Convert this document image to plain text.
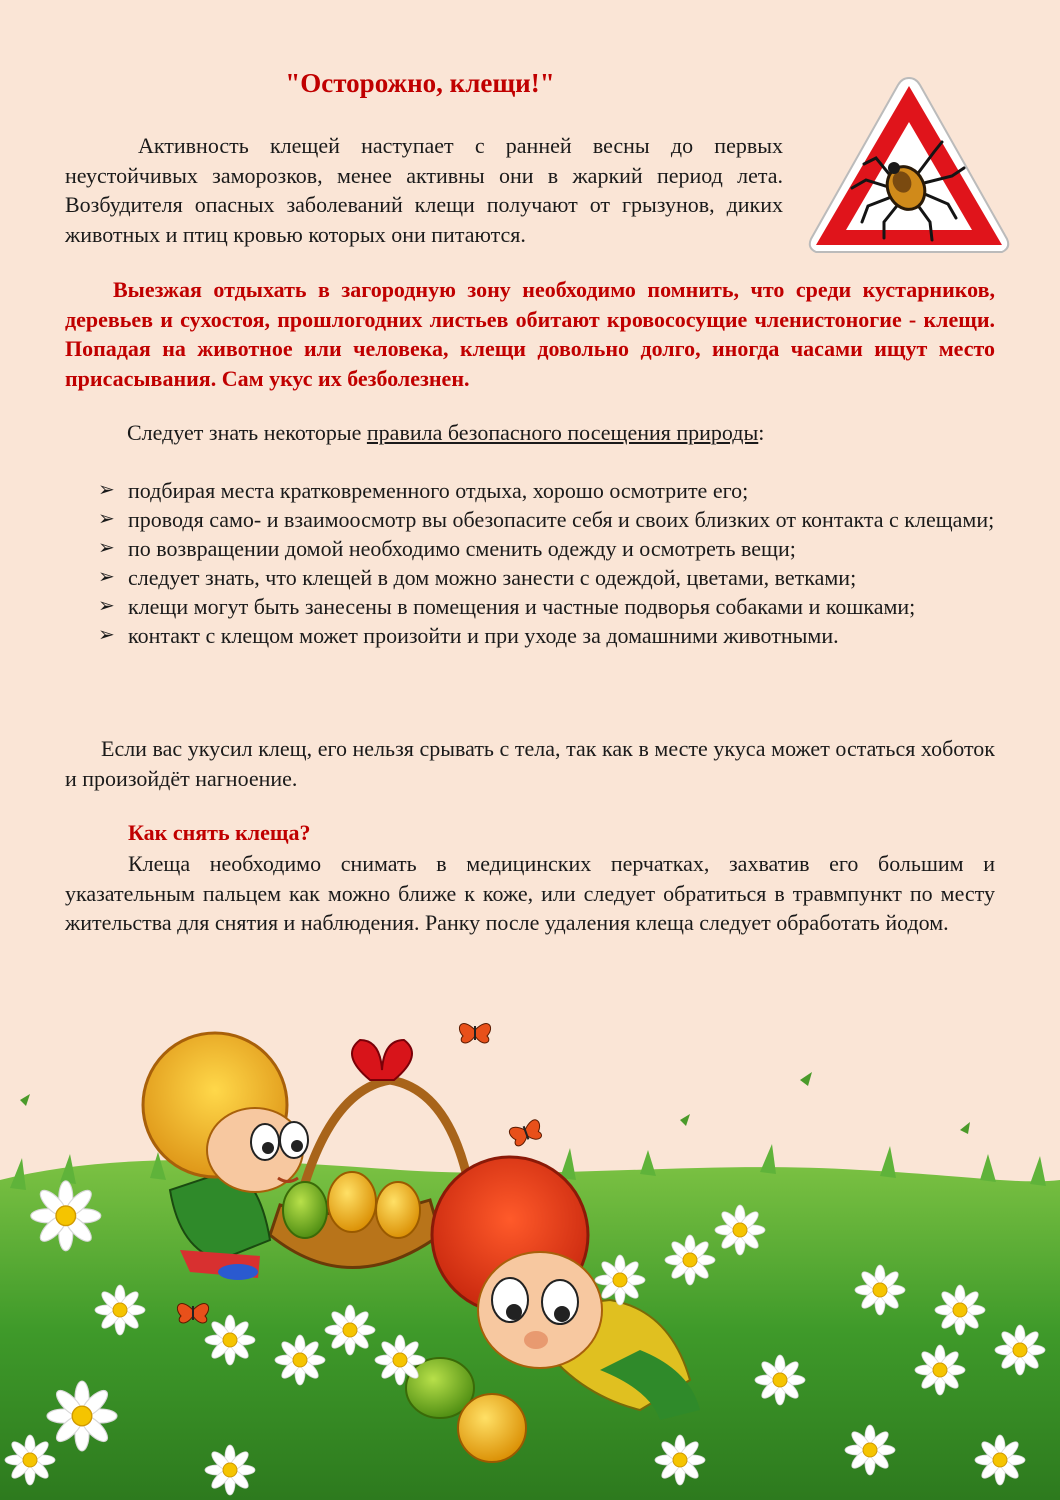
"Осторожно, клещи!"

Активность клещей наступает с ранней весны до первых неустойчивых заморозков, менее активны они в жаркий период лета. Возбудителя опасных заболеваний клещи получают от грызунов, диких животных и птиц кровью которых они питаются.

Выезжая отдыхать в загородную зону необходимо помнить, что среди кустарников, деревьев и сухостоя, прошлогодних листьев обитают кровососущие членистоногие - клещи. Попадая на животное или человека, клещи довольно долго, иногда часами ищут место присасывания. Сам укус их безболезнен.

Следует знать некоторые правила безопасного посещения природы:

➢ подбирая места кратковременного отдыха, хорошо осмотрите его;
➢ проводя само- и взаимоосмотр вы обезопасите себя и своих близких от контакта с клещами;
➢ по возвращении домой необходимо сменить одежду и осмотреть вещи;
➢ следует знать, что клещей в дом можно занести с одеждой, цветами, ветками;
➢ клещи могут быть занесены в помещения и частные подворья собаками и кошками;
➢ контакт с клещом может произойти и при уходе за домашними животными.

Если вас укусил клещ, его нельзя срывать с тела, так как в месте укуса может остаться хоботок и произойдёт нагноение.

Как снять клеща?

Клеща необходимо снимать в медицинских перчатках, захватив его большим и указательным пальцем как можно ближе к коже, или следует обратиться в травмпункт по месту жительства для снятия и наблюдения. Ранку после удаления клеща следует обработать йодом.
